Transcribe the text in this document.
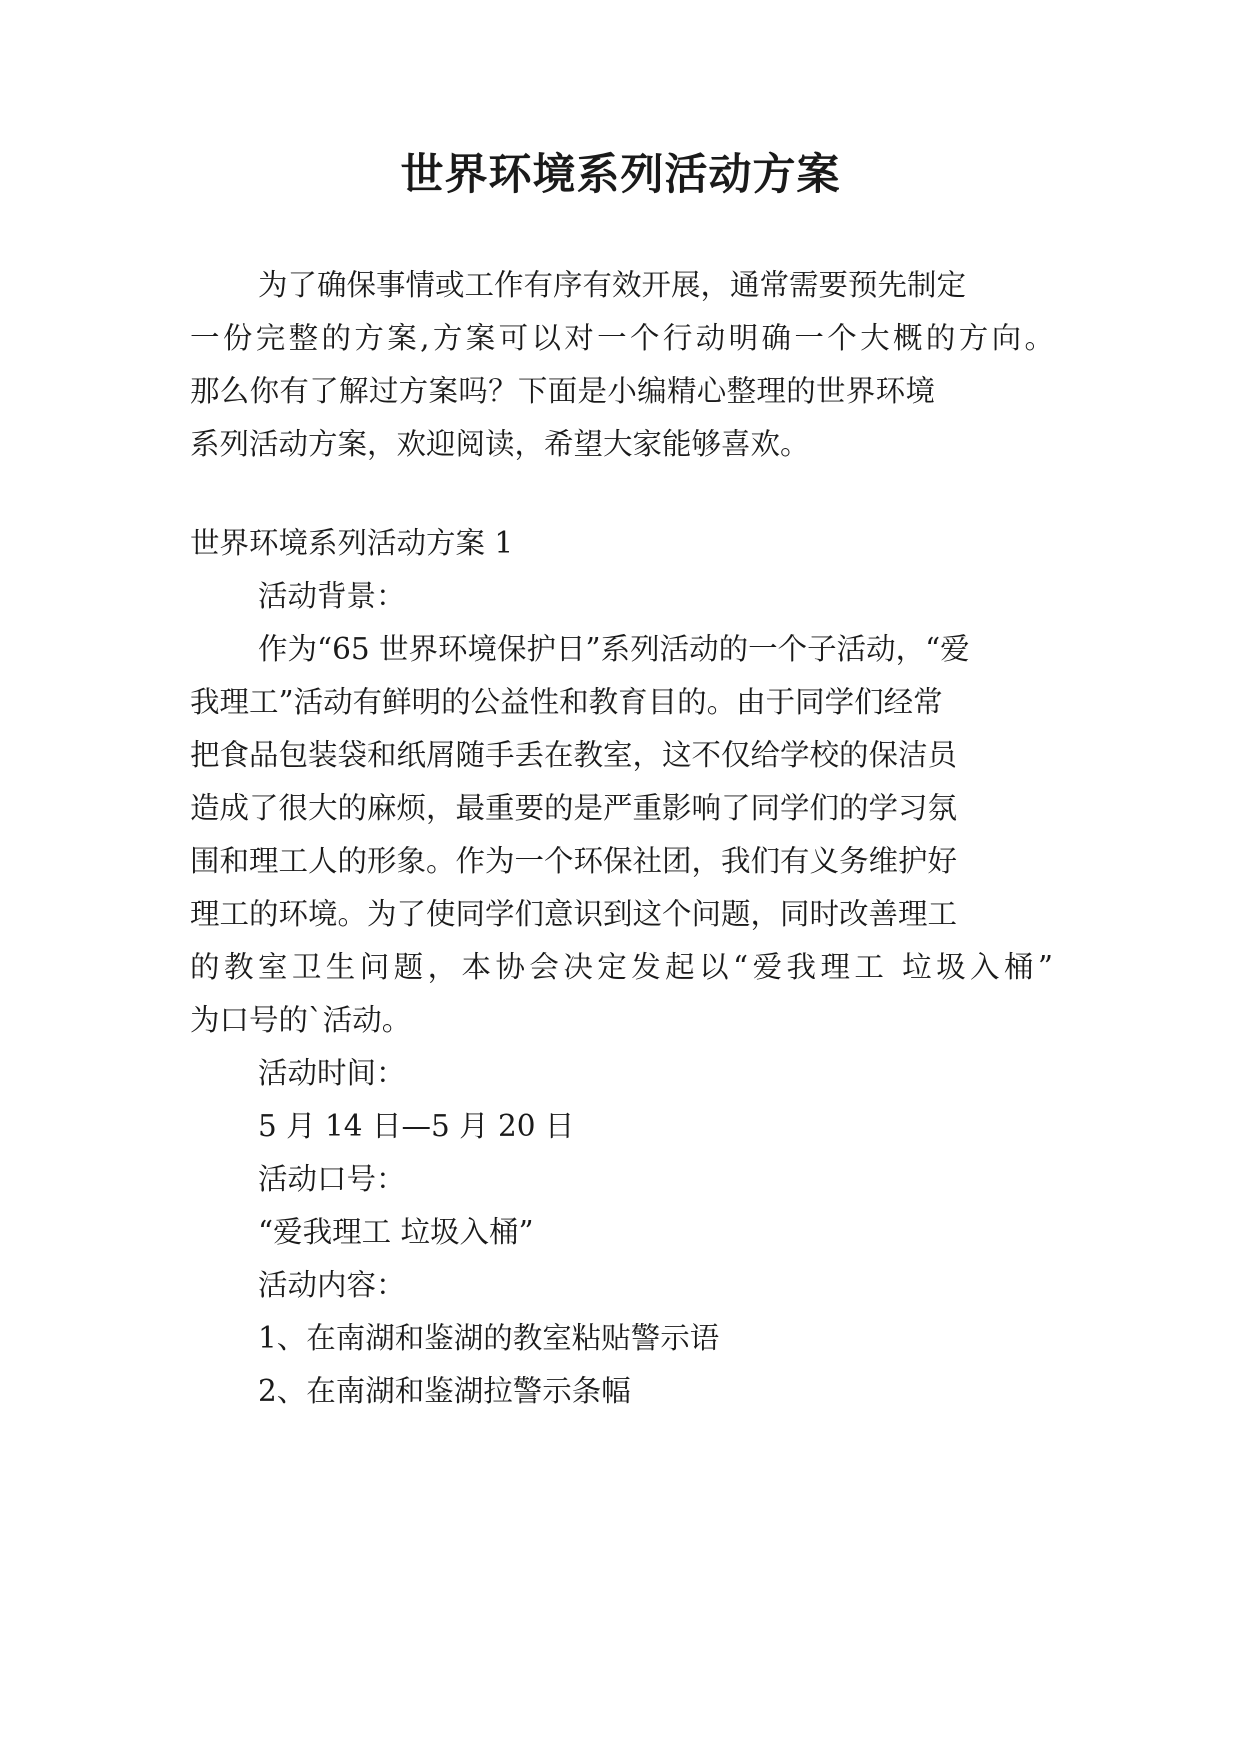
世界环境系列活动方案

为了确保事情或工作有序有效开展，通常需要预先制定

一份完整的方案,方案可以对一个行动明确一个大概的方向。

那么你有了解过方案吗？下面是小编精心整理的世界环境

系列活动方案，欢迎阅读，希望大家能够喜欢。

世界环境系列活动方案 1

活动背景：

作为“65 世界环境保护日”系列活动的一个子活动，“爱

我理工”活动有鲜明的公益性和教育目的。由于同学们经常

把食品包装袋和纸屑随手丢在教室，这不仅给学校的保洁员

造成了很大的麻烦，最重要的是严重影响了同学们的学习氛

围和理工人的形象。作为一个环保社团，我们有义务维护好

理工的环境。为了使同学们意识到这个问题，同时改善理工

的教室卫生问题，本协会决定发起以“爱我理工 垃圾入桶”

为口号的`活动。

活动时间：

5 月 14 日—5 月 20 日

活动口号：

“爱我理工 垃圾入桶”

活动内容：

1、在南湖和鉴湖的教室粘贴警示语

2、在南湖和鉴湖拉警示条幅
